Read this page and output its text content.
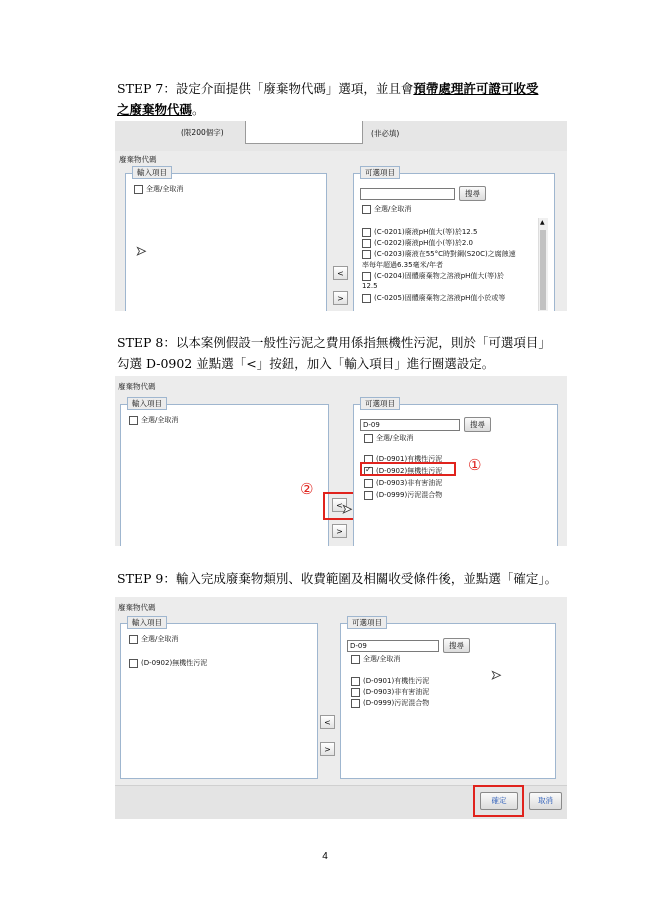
STEP 7：設定介面提供「廢棄物代碼」選項，並且會預帶處理許可證可收受
之廢棄物代碼。
(限200個字)	(非必填)
廢棄物代碼
輸入項目
全選/全取消
➤
<
>
可選項目
搜尋
全選/全取消
(C-0201)廢液pH值大(等)於12.5
(C-0202)廢液pH值小(等)於2.0
(C-0203)廢液在55°C時對鋼(S20C)之腐蝕速
率每年超過6.35毫米/年者
(C-0204)固體廢棄物之溶液pH值大(等)於
12.5
(C-0205)固體廢棄物之溶液pH值小於或等
▲
STEP 8：以本案例假設一般性污泥之費用係指無機性污泥，則於「可選項目」
勾選 D-0902 並點選「<」按鈕，加入「輸入項目」進行圈選設定。
廢棄物代碼
輸入項目
全選/全取消
< ➤
>
②
可選項目
D-09	搜尋
全選/全取消
(D-0901)有機性污泥
✓
(D-0902)無機性污泥
(D-0903)非有害油泥
(D-0999)污泥混合物
①
STEP 9：輸入完成廢棄物類別、收費範圍及相關收受條件後，並點選「確定」。
廢棄物代碼
輸入項目
全選/全取消
(D-0902)無機性污泥
<
>
可選項目
D-09	搜尋
全選/全取消
(D-0901)有機性污泥
(D-0903)非有害油泥
(D-0999)污泥混合物
➤
確定	取消
4
